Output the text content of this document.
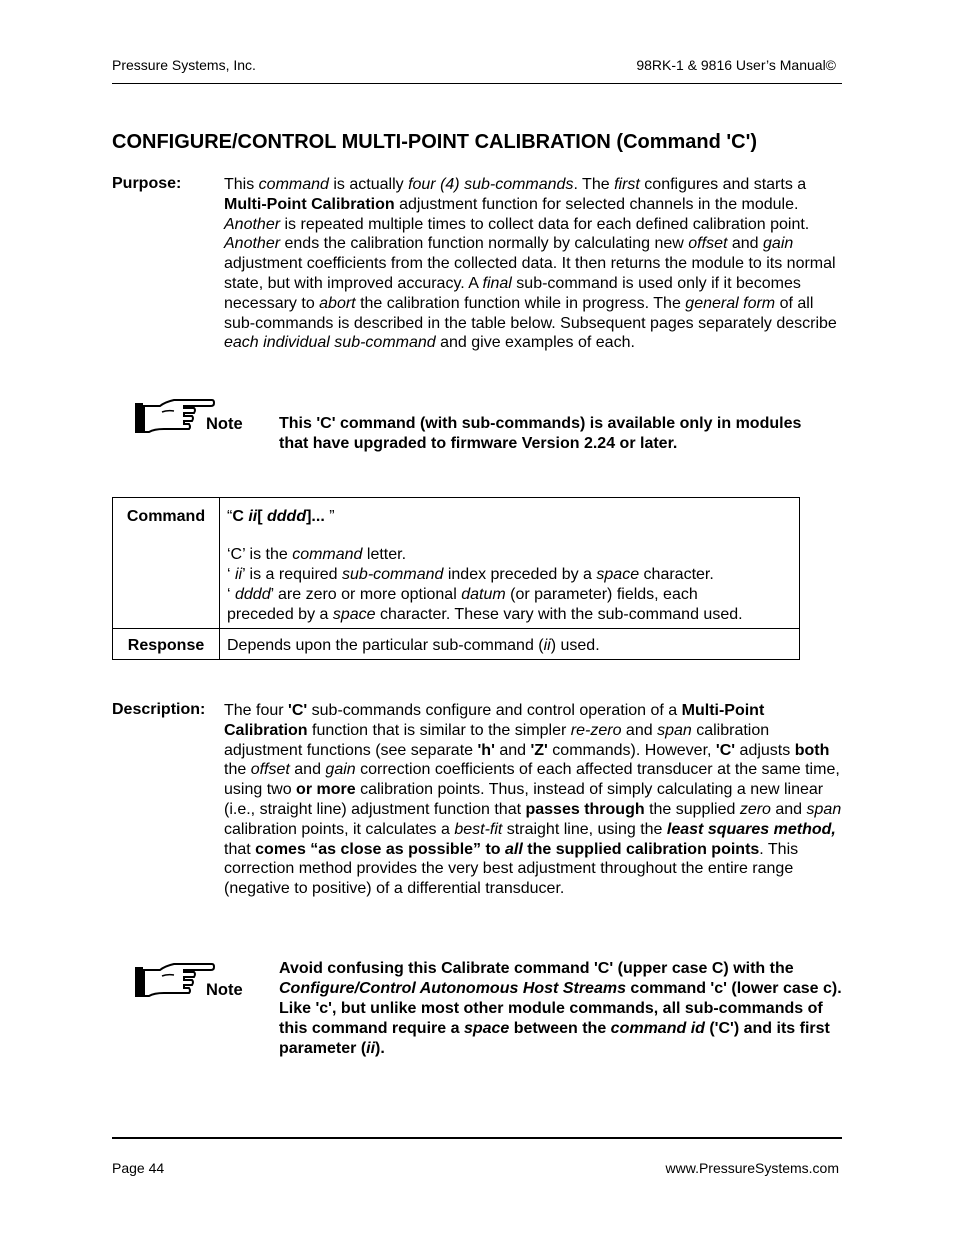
Pressure Systems, Inc.	98RK-1 & 9816 User’s Manual©
CONFIGURE/CONTROL MULTI-POINT CALIBRATION (Command 'C')
Purpose:	This command is actually four (4) sub-commands. The first configures and starts a Multi-Point Calibration adjustment function for selected channels in the module. Another is repeated multiple times to collect data for each defined calibration point. Another ends the calibration function normally by calculating new offset and gain adjustment coefficients from the collected data. It then returns the module to its normal state, but with improved accuracy. A final sub-command is used only if it becomes necessary to abort the calibration function while in progress. The general form of all sub-commands is described in the table below. Subsequent pages separately describe each individual sub-command and give examples of each.
Note This 'C' command (with sub-commands) is available only in modules that have upgraded to firmware Version 2.24 or later.
Command	“C ii[ dddd]... ”
‘C’ is the command letter.
‘ ii’ is a required sub-command index preceded by a space character.
‘ dddd’ are zero or more optional datum (or parameter) fields, each
preceded by a space character. These vary with the sub-command used.

Response	Depends upon the particular sub-command (ii) used.
Description: The four 'C' sub-commands configure and control operation of a Multi-Point Calibration function that is similar to the simpler re-zero and span calibration adjustment functions (see separate 'h' and 'Z' commands). However, 'C' adjusts both the offset and gain correction coefficients of each affected transducer at the same time, using two or more calibration points. Thus, instead of simply calculating a new linear (i.e., straight line) adjustment function that passes through the supplied zero and span calibration points, it calculates a best-fit straight line, using the least squares method, that comes “as close as possible” to all the supplied calibration points. This correction method provides the very best adjustment throughout the entire range (negative to positive) of a differential transducer.
Note
Avoid confusing this Calibrate command 'C' (upper case C) with the Configure/Control Autonomous Host Streams command 'c' (lower case c). Like 'c', but unlike most other module commands, all sub-commands of this command require a space between the command id ('C') and its first parameter (ii).
Page 44	www.PressureSystems.com
